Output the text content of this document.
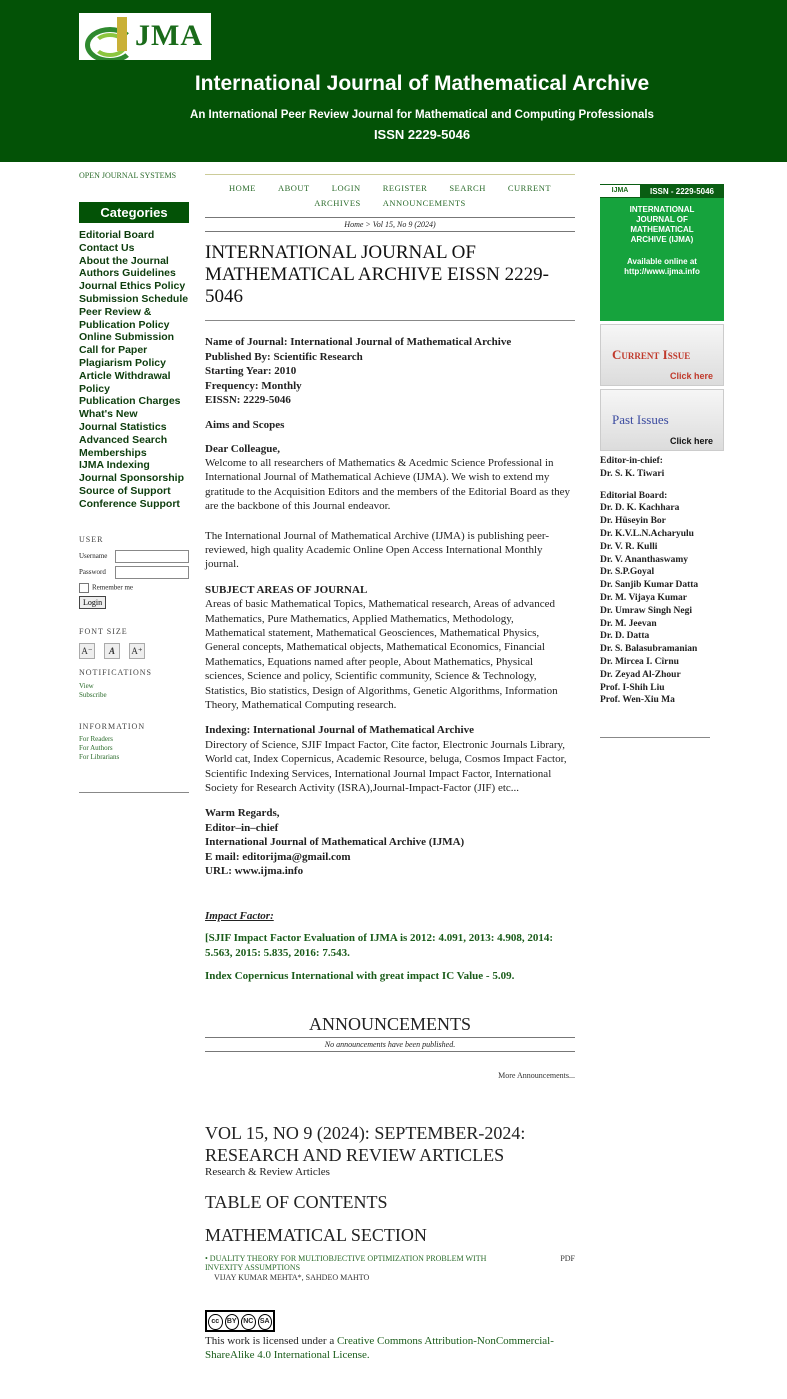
JMA
International Journal of Mathematical Archive
An International Peer Review Journal for Mathematical and Computing Professionals
ISSN 2229-5046
OPEN JOURNAL SYSTEMS
Categories
Editorial Board
Contact Us
About the Journal
Authors Guidelines
Journal Ethics Policy
Submission Schedule
Peer Review & Publication Policy
Online Submission
Call for Paper
Plagiarism Policy
Article Withdrawal Policy
Publication Charges
What's New
Journal Statistics
Advanced Search
Memberships
IJMA Indexing
Journal Sponsorship
Source of Support
Conference Support
USER
Username
Password
Remember me
Login
FONT SIZE
A⁻	A	A⁺
NOTIFICATIONS
View
Subscribe
INFORMATION
For Readers
For Authors
For Librarians
HOME	ABOUT	LOGIN	REGISTER	SEARCH	CURRENT
ARCHIVES	ANNOUNCEMENTS
Home > Vol 15, No 9 (2024)
INTERNATIONAL JOURNAL OF MATHEMATICAL ARCHIVE EISSN 2229-5046
Name of Journal: International Journal of Mathematical Archive
Published By: Scientific Research
Starting Year: 2010
Frequency: Monthly
EISSN: 2229-5046
Aims and Scopes
Dear Colleague,
Welcome to all researchers of Mathematics & Acedmic Science Professional in International Journal of Mathematical Achieve (IJMA). We wish to extend my gratitude to the Acquisition Editors and the members of the Editorial Board as they are the backbone of this Journal endeavor.
The International Journal of Mathematical Archive (IJMA) is publishing peer-reviewed, high quality Academic Online Open Access International Monthly journal.
SUBJECT AREAS OF JOURNAL
Areas of basic Mathematical Topics, Mathematical research, Areas of advanced Mathematics, Pure Mathematics, Applied Mathematics, Methodology, Mathematical statement, Mathematical Geosciences, Mathematical Physics, General concepts, Mathematical objects, Mathematical Economics, Financial Mathematics, Equations named after people, About Mathematics, Physical sciences, Science and policy, Scientific community, Science & Technology, Statistics, Bio statistics, Design of Algorithms, Genetic Algorithms, Information Theory, Mathematical Computing research.
Indexing: International Journal of Mathematical Archive
Directory of Science, SJIF Impact Factor, Cite factor, Electronic Journals Library, World cat, Index Copernicus, Academic Resource, beluga, Cosmos Impact Factor, Scientific Indexing Services, International Journal Impact Factor, International Society for Research Activity (ISRA),Journal-Impact-Factor (JIF) etc...
Warm Regards,
Editor–in–chief
International Journal of Mathematical Archive (IJMA)
E mail: editorijma@gmail.com
URL: www.ijma.info
Impact Factor:
[SJIF Impact Factor Evaluation of IJMA is 2012: 4.091, 2013: 4.908, 2014: 5.563, 2015: 5.835, 2016: 7.543.
Index Copernicus International with great impact IC Value - 5.09.
ANNOUNCEMENTS
No announcements have been published.
More Announcements...
VOL 15, NO 9 (2024): SEPTEMBER-2024: RESEARCH AND REVIEW ARTICLES
Research & Review Articles
TABLE OF CONTENTS
MATHEMATICAL SECTION
• DUALITY THEORY FOR MULTIOBJECTIVE OPTIMIZATION PROBLEM WITH INVEXITY ASSUMPTIONS
PDF
VIJAY KUMAR MEHTA*, SAHDEO MAHTO
cc	BY NC SA
This work is licensed under a Creative Commons Attribution-NonCommercial-ShareAlike 4.0 International License.
IJMA	ISSN - 2229-5046
INTERNATIONAL JOURNAL OF MATHEMATICAL ARCHIVE (IJMA)
Available online at http://www.ijma.info
Current Issue
Click here
Past Issues
Click here
Editor-in-chief:
Dr. S. K. Tiwari
Editorial Board:
Dr. D. K. Kachhara
Dr. Hüseyin Bor
Dr. K.V.L.N.Acharyulu
Dr. V. R. Kulli
Dr. V. Ananthaswamy
Dr. S.P.Goyal
Dr. Sanjib Kumar Datta
Dr. M. Vijaya Kumar
Dr. Umraw Singh Negi
Dr. M. Jeevan
Dr. D. Datta
Dr. S. Balasubramanian
Dr. Mircea I. Cîrnu
Dr. Zeyad Al-Zhour
Prof. I-Shih Liu
Prof. Wen-Xiu Ma
